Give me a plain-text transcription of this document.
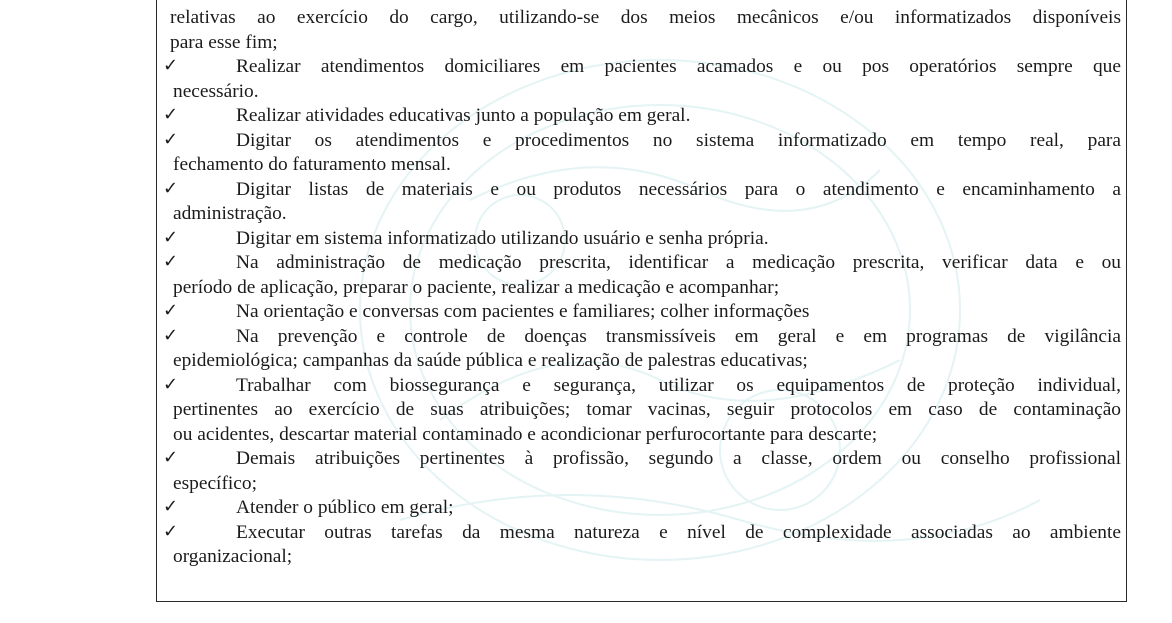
relativas ao exercício do cargo, utilizando-se dos meios mecânicos e/ou informatizados disponíveis
para esse fim;
✓	Realizar atendimentos domiciliares em pacientes acamados e ou pos operatórios sempre que
necessário.
✓	Realizar atividades educativas junto a população em geral.
✓	Digitar os atendimentos e procedimentos no sistema informatizado em tempo real, para
fechamento do faturamento mensal.
✓	Digitar listas de materiais e ou produtos necessários para o atendimento e encaminhamento a
administração.
✓	Digitar em sistema informatizado utilizando usuário e senha própria.
✓	Na administração de medicação prescrita, identificar a medicação prescrita, verificar data e ou
período de aplicação, preparar o paciente, realizar a medicação e acompanhar;
✓	Na orientação e conversas com pacientes e familiares; colher informações
✓	Na prevenção e controle de doenças transmissíveis em geral e em programas de vigilância
epidemiológica; campanhas da saúde pública e realização de palestras educativas;
✓	Trabalhar com biossegurança e segurança, utilizar os equipamentos de proteção individual,
pertinentes ao exercício de suas atribuições; tomar vacinas, seguir protocolos em caso de contaminação
ou acidentes, descartar material contaminado e acondicionar perfurocortante para descarte;
✓	Demais atribuições pertinentes à profissão, segundo a classe, ordem ou conselho profissional
específico;
✓	Atender o público em geral;
✓	Executar outras tarefas da mesma natureza e nível de complexidade associadas ao ambiente
organizacional;
